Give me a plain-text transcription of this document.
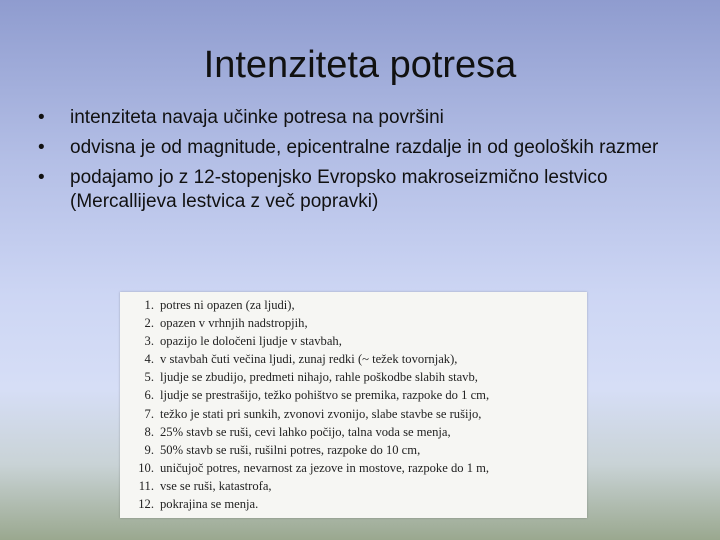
Intenziteta potresa
• intenziteta navaja učinke potresa na površini
• odvisna je od magnitude, epicentralne razdalje in od geoloških razmer
• podajamo jo z 12-stopenjsko Evropsko makroseizmično lestvico (Mercallijeva lestvica z več popravki)
1. potres ni opazen (za ljudi),
2. opazen v vrhnjih nadstropjih,
3. opazijo le določeni ljudje v stavbah,
4. v stavbah čuti večina ljudi, zunaj redki (~ težek tovornjak),
5. ljudje se zbudijo, predmeti nihajo, rahle poškodbe slabih stavb,
6. ljudje se prestrašijo, težko pohištvo se premika, razpoke do 1 cm,
7. težko je stati pri sunkih, zvonovi zvonijo, slabe stavbe se rušijo,
8. 25% stavb se ruši, cevi lahko počijo, talna voda se menja,
9. 50% stavb se ruši, rušilni potres, razpoke do 10 cm,
10. uničujoč potres, nevarnost za jezove in mostove, razpoke do 1 m,
11. vse se ruši, katastrofa,
12. pokrajina se menja.
